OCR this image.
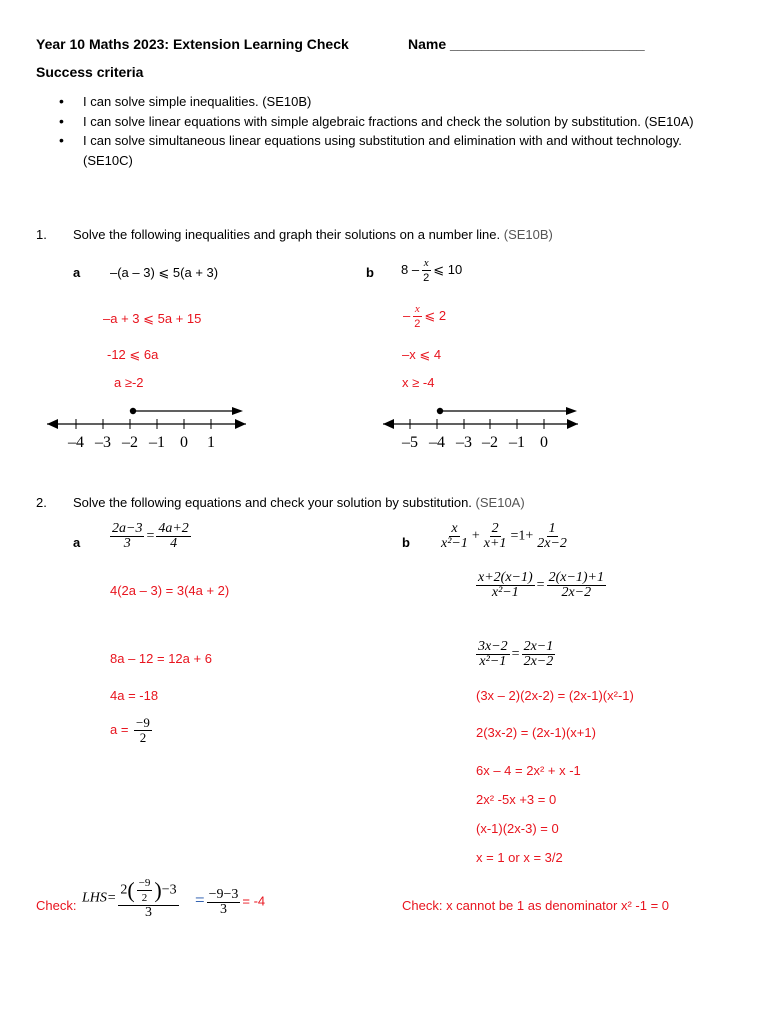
Year 10 Maths 2023: Extension Learning Check	Name _________________________
Success criteria
• I can solve simple inequalities. (SE10B)
• I can solve linear equations with simple algebraic fractions and check the solution by substitution. (SE10A)
• I can solve simultaneous linear equations using substitution and elimination with and without technology. (SE10C)
1. Solve the following inequalities and graph their solutions on a number line. (SE10B)
a –(a – 3) ⩽ 5(a + 3)
–a + 3 ⩽ 5a + 15
-12 ⩽ 6a
a ≥-2
–4 –3 –2 –1 0 1
b $8 - \frac{x}{2}$ ⩽ 10
– $\frac{x}{2}$ ⩽ 2
–x ⩽ 4
x ≥ -4
–5 –4 –3 –2 –1 0
2. Solve the following equations and check your solution by substitution. (SE10A)
a $\frac{2a-3}{3} = \frac{4a+2}{4}$
4(2a – 3) = 3(4a + 2)
8a – 12 = 12a + 6
4a = -18
$a = \frac{-9}{2}$
b $\frac{x}{\text{x²−1}} + \frac{2}{x+1} =1+ \frac{1}{2x-2}$
$\frac{x+2(x-1)}{\text{x²−1}} = \frac{2(x-1)+1}{2x-2}$
$\frac{3x-2}{\text{x²−1}} = \frac{2x-1}{2x-2}$
(3x – 2)(2x-2) = (2x-1)(x²-1)
2(3x-2) = (2x-1)(x+1)
6x – 4 = 2x² + x -1
2x² -5x +3 = 0
(x-1)(2x-3) = 0
x = 1 or x = 3/2
Check: $LHS= \frac{2( \frac{-9}{2} )-3}{3} = \frac{-9-3}{3} = -4$	Check: x cannot be 1 as denominator x² -1 = 0
